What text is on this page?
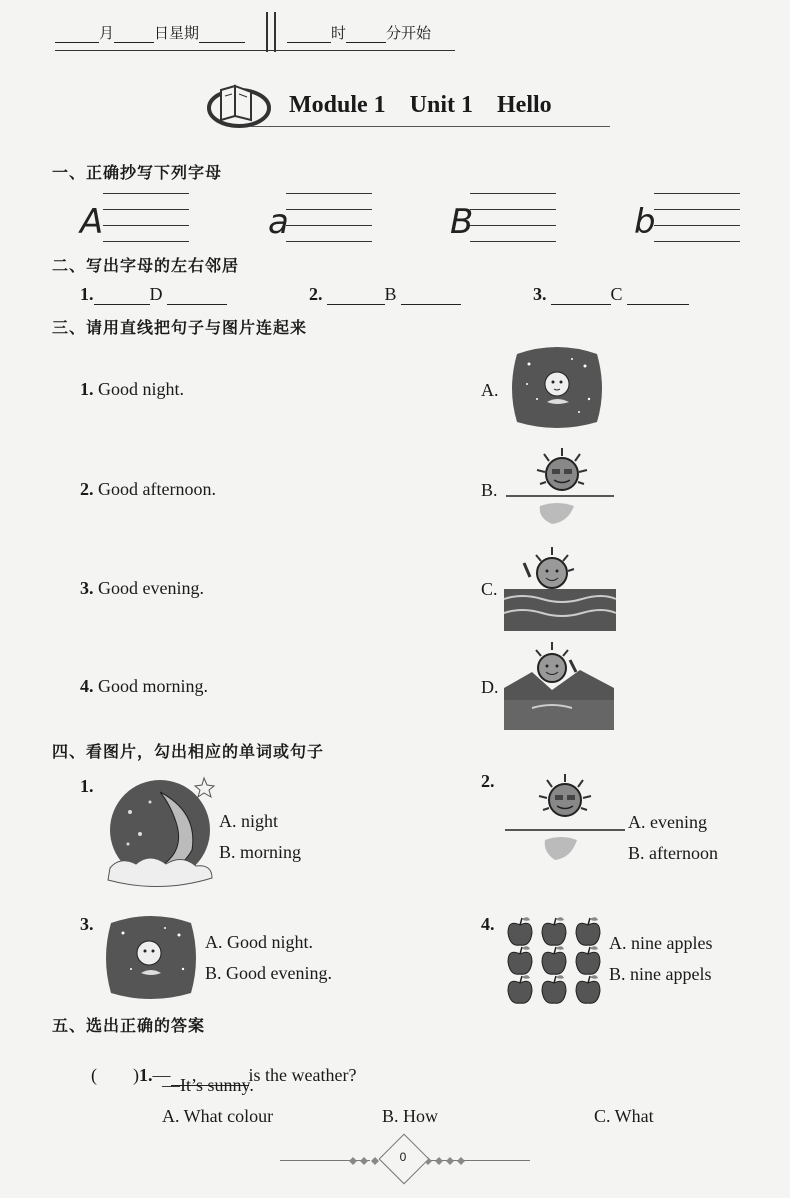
月	日星期	时	分开始
Module 1    Unit 1    Hello
一、正确抄写下列字母
A	a	B	b
二、写出字母的左右邻居
1.	D	2.	B	3.	C
三、请用直线把句子与图片连起来
1. Good night.
2. Good afternoon.
3. Good evening.
4. Good morning.
A.
B.
C.
D.
四、看图片，勾出相应的单词或句子
1.
A. night
B. morning
2.
A. evening
B. afternoon
3.
A. Good night.
B. Good evening.
4.
A. nine apples
B. nine appels
五、选出正确的答案

(        )1.—	is the weather?

—It’s sunny.
A. What colour	B. How	C. What
0
